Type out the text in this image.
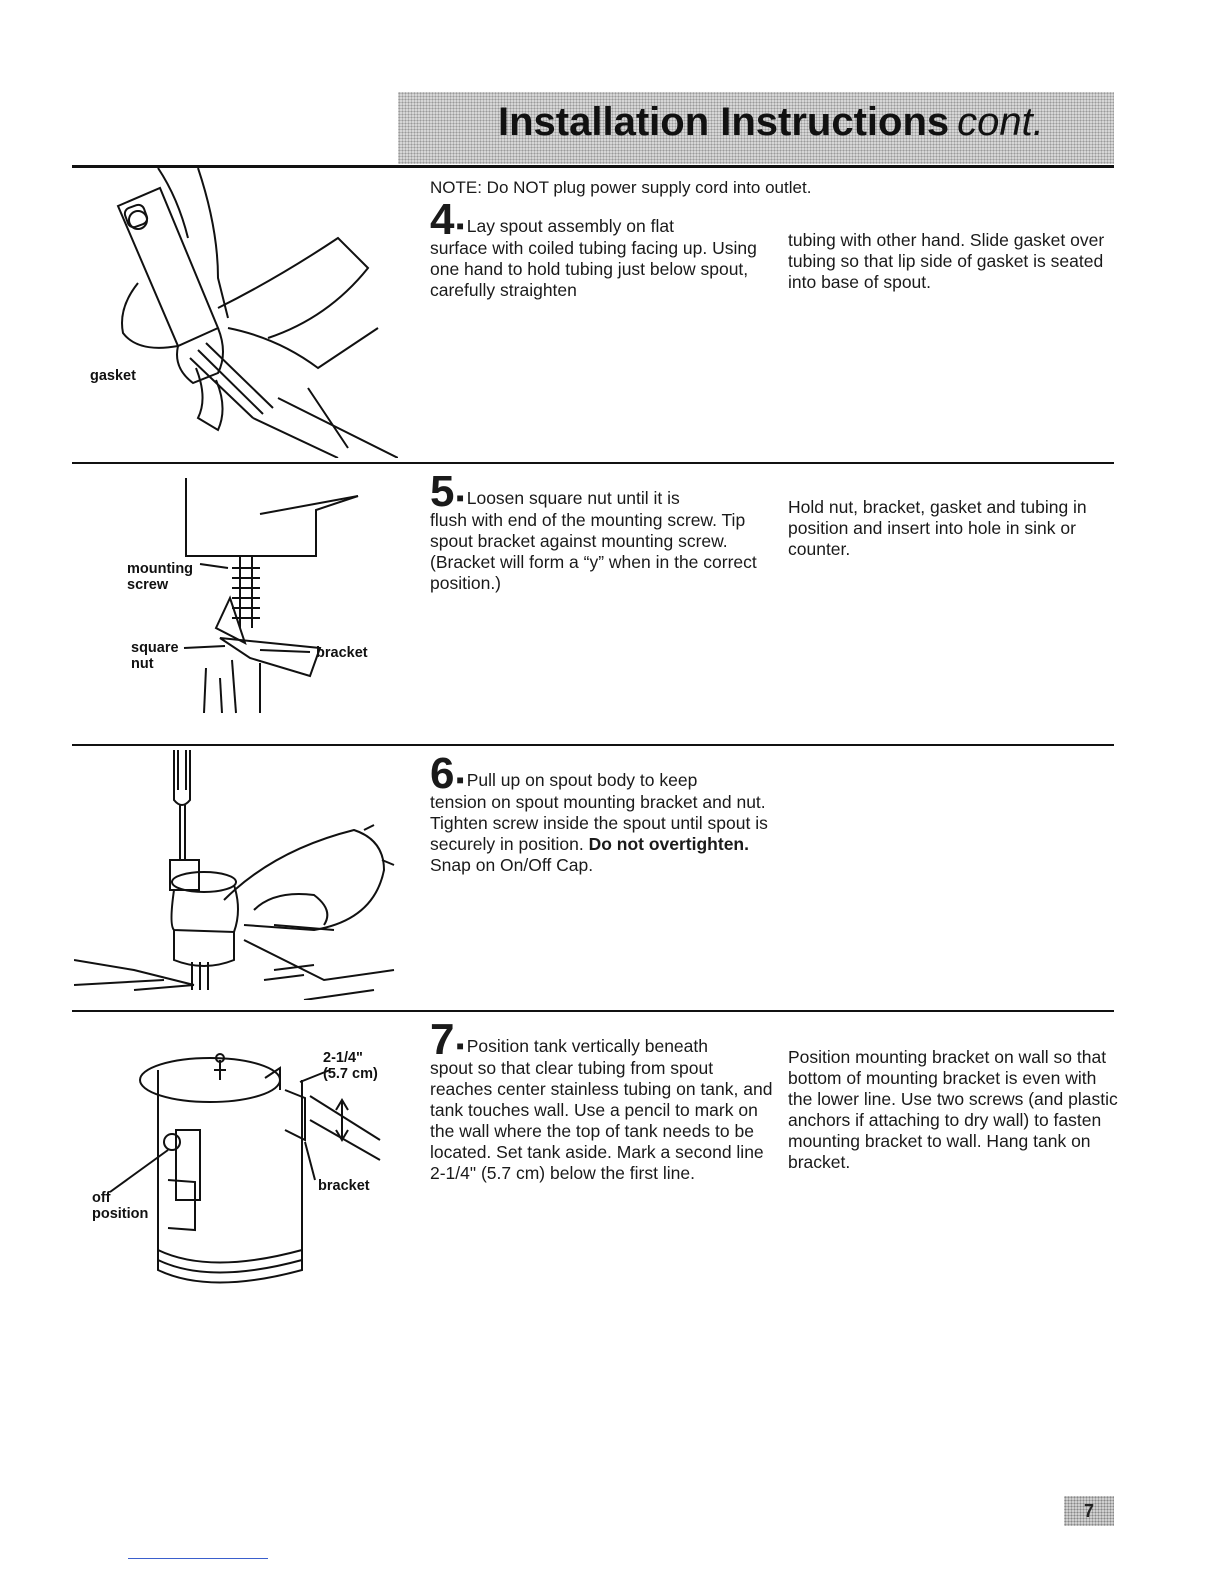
Installation Instructions cont.
NOTE: Do NOT plug power supply cord into outlet.
gasket
4 ■ Lay spout assembly on flat
surface with coiled tubing facing up. Using one hand to hold tubing just below spout, carefully straighten
tubing with other hand. Slide gasket over tubing so that lip side of gasket is seated into base of spout.
mounting
screw
square
nut
bracket
5 ■ Loosen square nut until it is
flush with end of the mounting screw. Tip spout bracket against mounting screw. (Bracket will form a “y” when in the correct position.)
Hold nut, bracket, gasket and tubing in position and insert into hole in sink or counter.
6 ■ Pull up on spout body to keep
tension on spout mounting bracket and nut. Tighten screw inside the spout until spout is securely in position. Do not overtighten. Snap on On/Off Cap.
2-1/4"
(5.7 cm)
bracket
off
position
7 ■ Position tank vertically beneath
spout so that clear tubing from spout reaches center stainless tubing on tank, and tank touches wall. Use a pencil to mark on the wall where the top of tank needs to be located. Set tank aside. Mark a second line 2-1/4" (5.7 cm) below the first line.
Position mounting bracket on wall so that bottom of mounting bracket is even with the lower line. Use two screws (and plastic anchors if attaching to dry wall) to fasten mounting bracket to wall. Hang tank on bracket.
7
